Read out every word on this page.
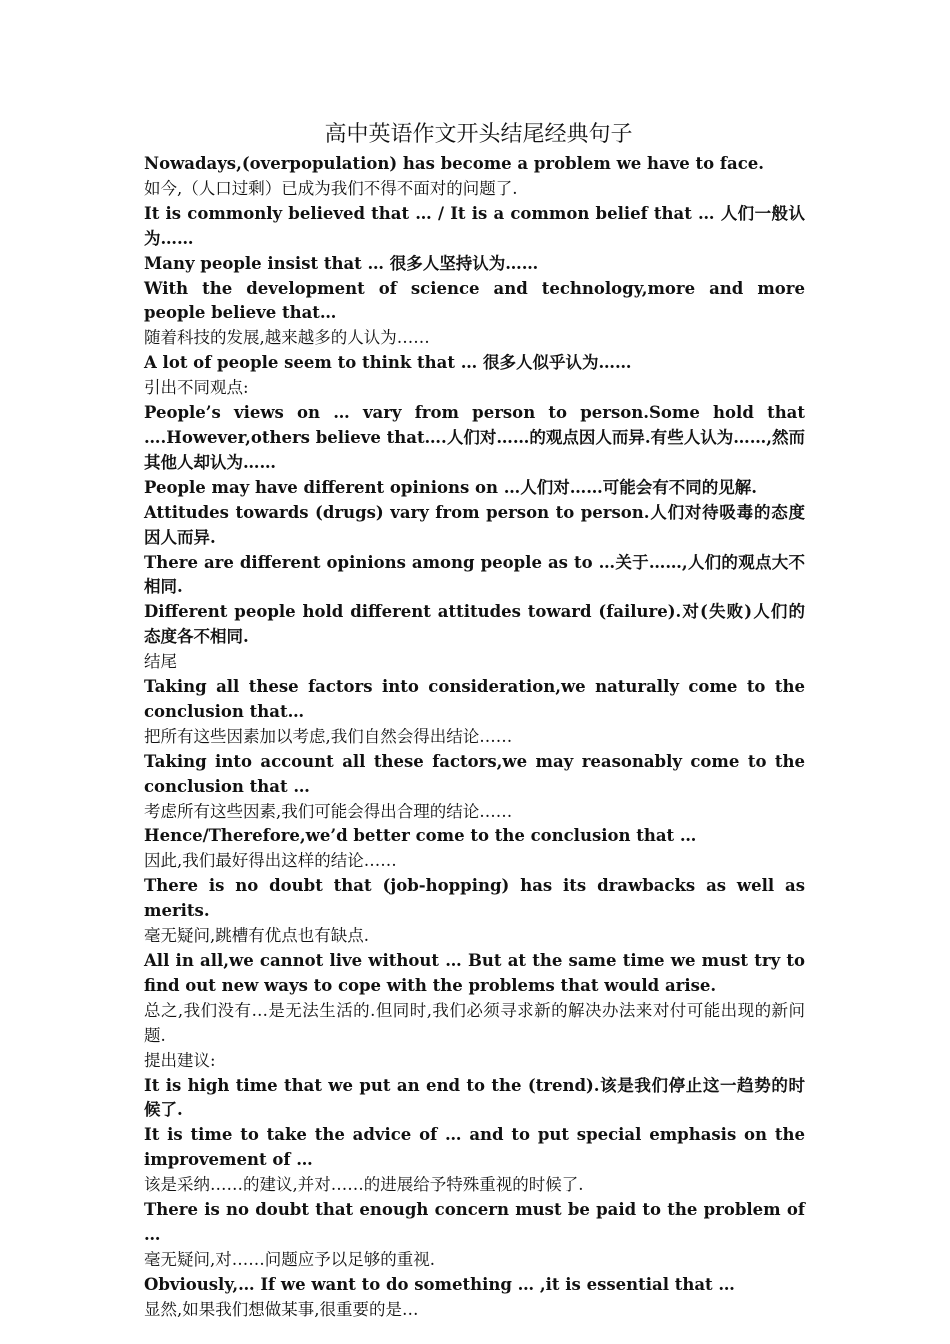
高中英语作文开头结尾经典句子

Nowadays,(overpopulation) has become a problem we have to face.

如今,（人口过剩）已成为我们不得不面对的问题了.

It is commonly believed that … / It is a common belief that … 人们一般认为……

Many people insist that … 很多人坚持认为……

With the development of science and technology,more and more people believe that…

随着科技的发展,越来越多的人认为……

A lot of people seem to think that … 很多人似乎认为……

引出不同观点:

People’s views on … vary from person to person.Some hold that ….However,others believe that….人们对……的观点因人而异.有些人认为……,然而其他人却认为……

People may have different opinions on …人们对……可能会有不同的见解.

Attitudes towards (drugs) vary from person to person.人们对待吸毒的态度因人而异.

There are different opinions among people as to …关于……,人们的观点大不相同.

Different people hold different attitudes toward (failure).对(失败)人们的态度各不相同.

结尾

Taking all these factors into consideration,we naturally come to the conclusion that…

把所有这些因素加以考虑,我们自然会得出结论……

Taking into account all these factors,we may reasonably come to the conclusion that …

考虑所有这些因素,我们可能会得出合理的结论……

Hence/Therefore,we’d better come to the conclusion that …

因此,我们最好得出这样的结论……

There is no doubt that (job-hopping) has its drawbacks as well as merits.

毫无疑问,跳槽有优点也有缺点.

All in all,we cannot live without … But at the same time we must try to find out new ways to cope with the problems that would arise.

总之,我们没有…是无法生活的.但同时,我们必须寻求新的解决办法来对付可能出现的新问题.

提出建议:

It is high time that we put an end to the (trend).该是我们停止这一趋势的时候了.

It is time to take the advice of … and to put special emphasis on the improvement of …

该是采纳……的建议,并对……的进展给予特殊重视的时候了.

There is no doubt that enough concern must be paid to the problem of …

毫无疑问,对……问题应予以足够的重视.

Obviously,… If we want to do something … ,it is essential that …

显然,如果我们想做某事,很重要的是…
